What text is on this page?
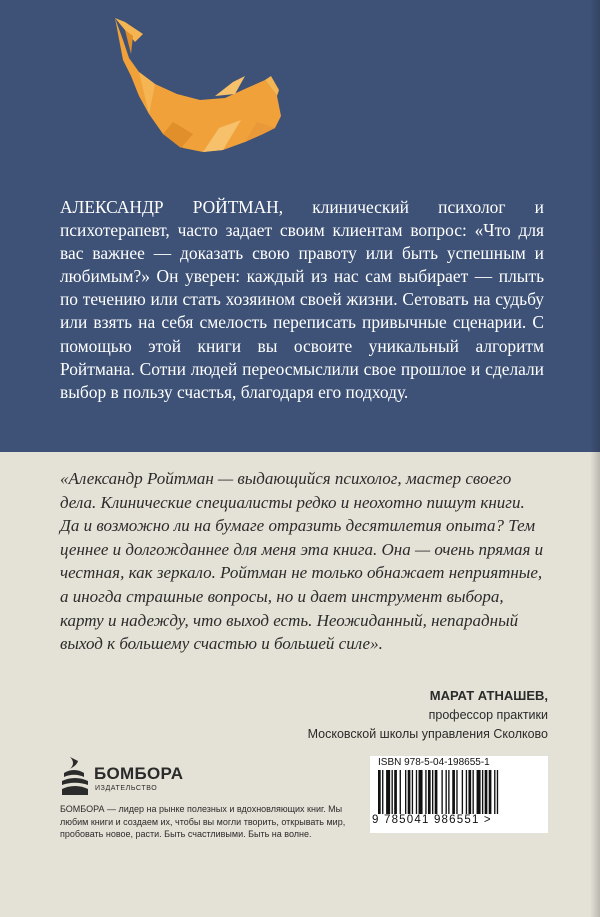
АЛЕКСАНДР РОЙТМАН, клинический психолог и психотерапевт, часто задает своим клиентам вопрос: «Что для вас важнее — доказать свою правоту или быть успешным и любимым?» Он уверен: каждый из нас сам выбирает — плыть по течению или стать хозяином своей жизни. Сетовать на судьбу или взять на себя смелость переписать привычные сценарии. С помощью этой книги вы освоите уникальный алгоритм Ройтмана. Сотни людей переосмыслили свое прошлое и сделали выбор в пользу счастья, благодаря его подходу.

«Александр Ройтман — выдающийся психолог, мастер своего дела. Клинические специалисты редко и неохотно пишут книги. Да и возможно ли на бумаге отразить десятилетия опыта? Тем ценнее и долгожданнее для меня эта книга. Она — очень прямая и честная, как зеркало. Ройтман не только обнажает неприятные, а иногда страшные вопросы, но и дает инструмент выбора, карту и надежду, что выход есть. Неожиданный, непарадный выход к большему счастью и большей силе».

МАРАТ АТНАШЕВ,
профессор практики
Московской школы управления Сколково
БОМБОРА
ИЗДАТЕЛЬСТВО

БОМБОРА — лидер на рынке полезных и вдохновляющих книг. Мы любим книги и создаем их, чтобы вы могли творить, открывать мир, пробовать новое, расти. Быть счастливыми. Быть на волне.

ISBN 978-5-04-198655-1
9 785041 986551 >
